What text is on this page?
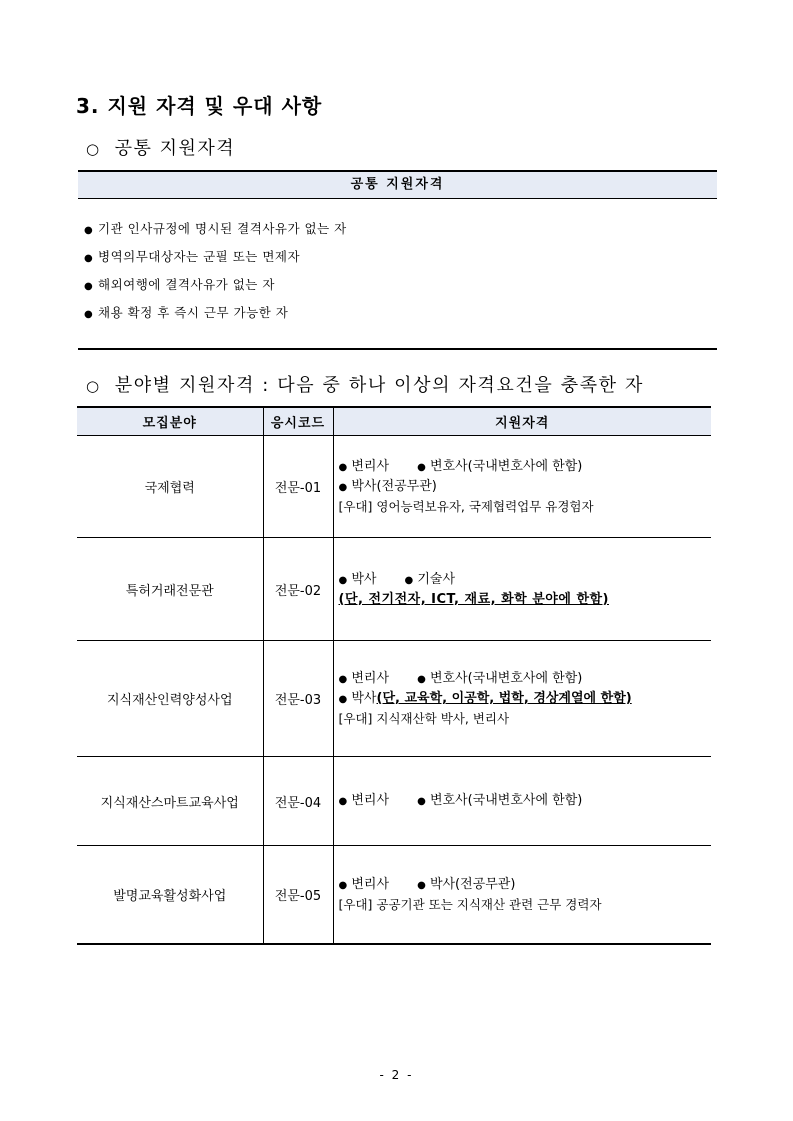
3. 지원 자격 및 우대 사항

○ 공통 지원자격

공통 지원자격
● 기관 인사규정에 명시된 결격사유가 없는 자
● 병역의무대상자는 군필 또는 면제자
● 해외여행에 결격사유가 없는 자
● 채용 확정 후 즉시 근무 가능한 자

○ 분야별 지원자격 : 다음 중 하나 이상의 자격요건을 충족한 자

모집분야	응시코드	지원자격
국제협력	전문-01	● 변리사 ● 변호사(국내변호사에 한함)
● 박사(전공무관)
[우대] 영어능력보유자, 국제협력업무 유경험자

특허거래전문관	전문-02	● 박사 ● 기술사
(단, 전기전자, ICT, 재료, 화학 분야에 한함)

지식재산인력양성사업	전문-03	● 변리사 ● 변호사(국내변호사에 한함)
● 박사(단, 교육학, 이공학, 법학, 경상계열에 한함)
[우대] 지식재산학 박사, 변리사

지식재산스마트교육사업	전문-04	● 변리사 ● 변호사(국내변호사에 한함)

발명교육활성화사업	전문-05	● 변리사 ● 박사(전공무관)
[우대] 공공기관 또는 지식재산 관련 근무 경력자
- 2 -
